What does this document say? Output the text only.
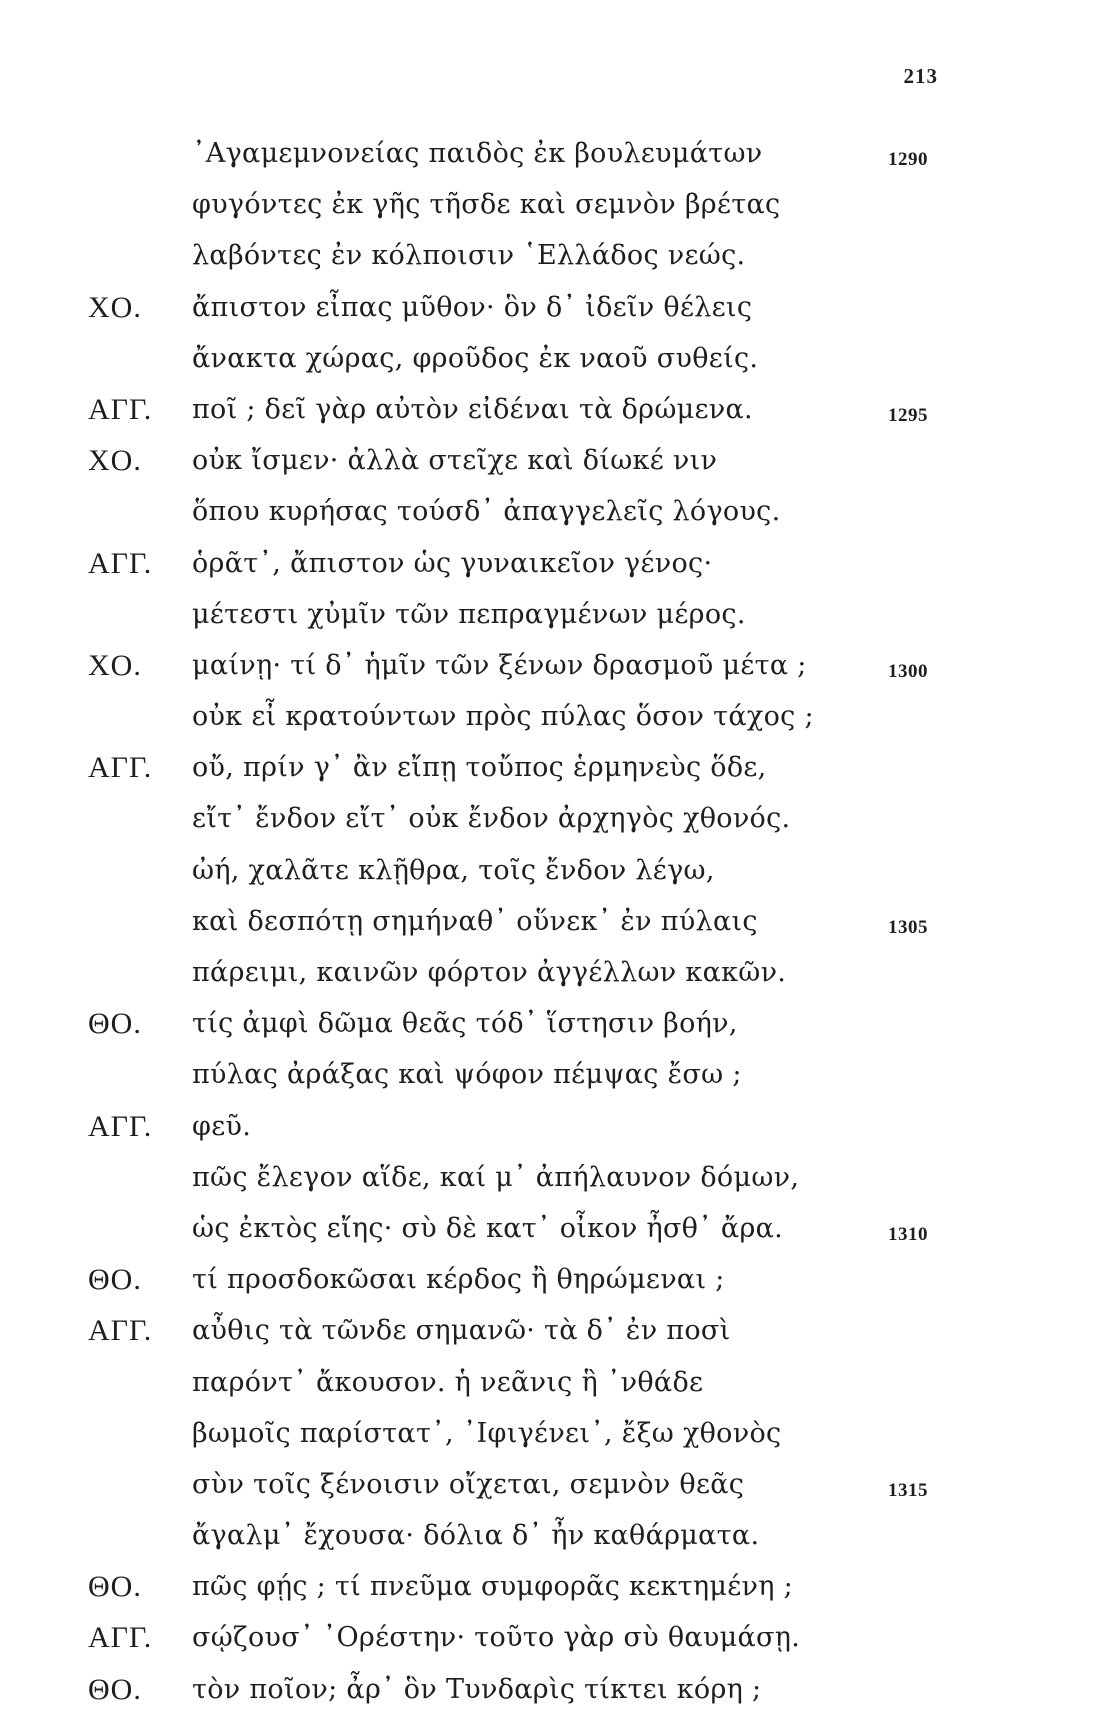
213
᾿Αγαμεμνονείας παιδὸς ἐκ βουλευμάτων	1290
φυγόντες ἐκ γῆς τῆσδε καὶ σεμνὸν βρέτας
λαβόντες ἐν κόλποισιν ῾Ελλάδος νεώς.
ΧΟ. ἄπιστον εἶπας μῦθον· ὃν δ᾿ ἰδεῖν θέλεις
ἄνακτα χώρας, φροῦδος ἐκ ναοῦ συθείς.
ΑΓΓ. ποῖ ; δεῖ γὰρ αὐτὸν εἰδέναι τὰ δρώμενα.	1295
ΧΟ. οὐκ ἴσμεν· ἀλλὰ στεῖχε καὶ δίωκέ νιν
ὅπου κυρήσας τούσδ᾿ ἀπαγγελεῖς λόγους.
ΑΓΓ. ὁρᾶτ᾿, ἄπιστον ὡς γυναικεῖον γένος·
μέτεστι χὐμῖν τῶν πεπραγμένων μέρος.
ΧΟ. μαίνῃ· τί δ᾿ ἡμῖν τῶν ξένων δρασμοῦ μέτα ;	1300
οὐκ εἶ κρατούντων πρὸς πύλας ὅσον τάχος ;
ΑΓΓ. οὔ, πρίν γ᾿ ἂν εἴπῃ τοὔπος ἑρμηνεὺς ὅδε,
εἴτ᾿ ἔνδον εἴτ᾿ οὐκ ἔνδον ἀρχηγὸς χθονός.
ὠή, χαλᾶτε κλῇθρα, τοῖς ἔνδον λέγω,
καὶ δεσπότῃ σημήναθ᾿ οὕνεκ᾿ ἐν πύλαις	1305
πάρειμι, καινῶν φόρτον ἀγγέλλων κακῶν.
ΘΟ. τίς ἀμφὶ δῶμα θεᾶς τόδ᾿ ἵστησιν βοήν,
πύλας ἀράξας καὶ ψόφον πέμψας ἔσω ;
ΑΓΓ. φεῦ.
πῶς ἔλεγον αἵδε, καί μ᾿ ἀπήλαυνον δόμων,
ὡς ἐκτὸς εἴης· σὺ δὲ κατ᾿ οἶκον ἦσθ᾿ ἄρα.	1310
ΘΟ. τί προσδοκῶσαι κέρδος ἢ θηρώμεναι ;
ΑΓΓ. αὖθις τὰ τῶνδε σημανῶ· τὰ δ᾿ ἐν ποσὶ
παρόντ᾿ ἄκουσον. ἡ νεᾶνις ἣ ᾿νθάδε
βωμοῖς παρίστατ᾿, ᾿Ιφιγένει᾿, ἔξω χθονὸς
σὺν τοῖς ξένοισιν οἴχεται, σεμνὸν θεᾶς	1315
ἄγαλμ᾿ ἔχουσα· δόλια δ᾿ ἦν καθάρματα.
ΘΟ. πῶς φῄς ; τί πνεῦμα συμφορᾶς κεκτημένη ;
ΑΓΓ. σῴζουσ᾿ ᾿Ορέστην· τοῦτο γὰρ σὺ θαυμάσῃ.
ΘΟ. τὸν ποῖον; ἆρ᾿ ὃν Τυνδαρὶς τίκτει κόρη ;
